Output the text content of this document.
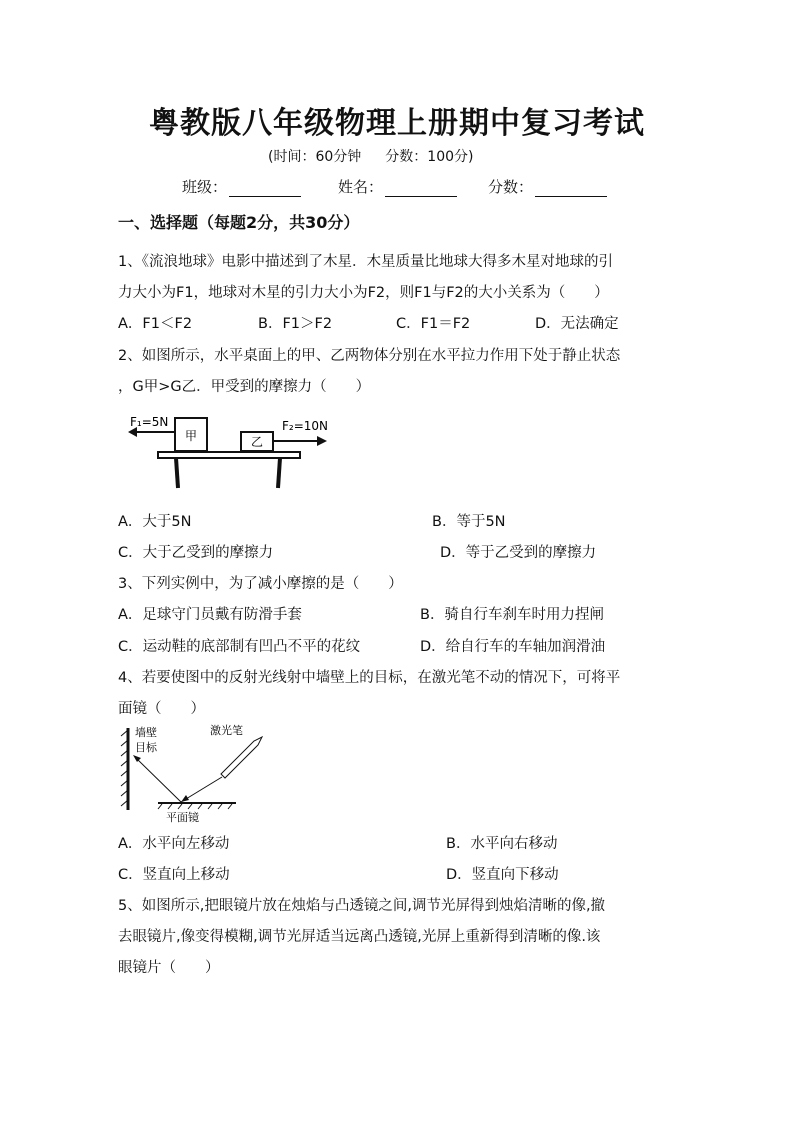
粤教版八年级物理上册期中复习考试
(时间：60分钟 分数：100分)
班级：	姓名：	分数：
一、选择题（每题2分，共30分）
1、《流浪地球》电影中描述到了木星．木星质量比地球大得多木星对地球的引
力大小为F1，地球对木星的引力大小为F2，则F1与F2的大小关系为（　　）
A．F1＜F2	B．F1＞F2	C．F1＝F2	D．无法确定
2、如图所示，水平桌面上的甲、乙两物体分别在水平拉力作用下处于静止状态
，G甲>G乙．甲受到的摩擦力（　　）
F₁=5N
甲	乙
F₂=10N
A．大于5N	B．等于5N
C．大于乙受到的摩擦力	D．等于乙受到的摩擦力
3、下列实例中，为了减小摩擦的是（　　）
A．足球守门员戴有防滑手套	B．骑自行车刹车时用力捏闸
C．运动鞋的底部制有凹凸不平的花纹	D．给自行车的车轴加润滑油
4、若要使图中的反射光线射中墙壁上的目标，在激光笔不动的情况下，可将平
面镜（　　）
墙壁
目标
激光笔
平面镜
A．水平向左移动	B．水平向右移动
C．竖直向上移动	D．竖直向下移动
5、如图所示,把眼镜片放在烛焰与凸透镜之间,调节光屏得到烛焰清晰的像,撤
去眼镜片,像变得模糊,调节光屏适当远离凸透镜,光屏上重新得到清晰的像.该
眼镜片（　　）
